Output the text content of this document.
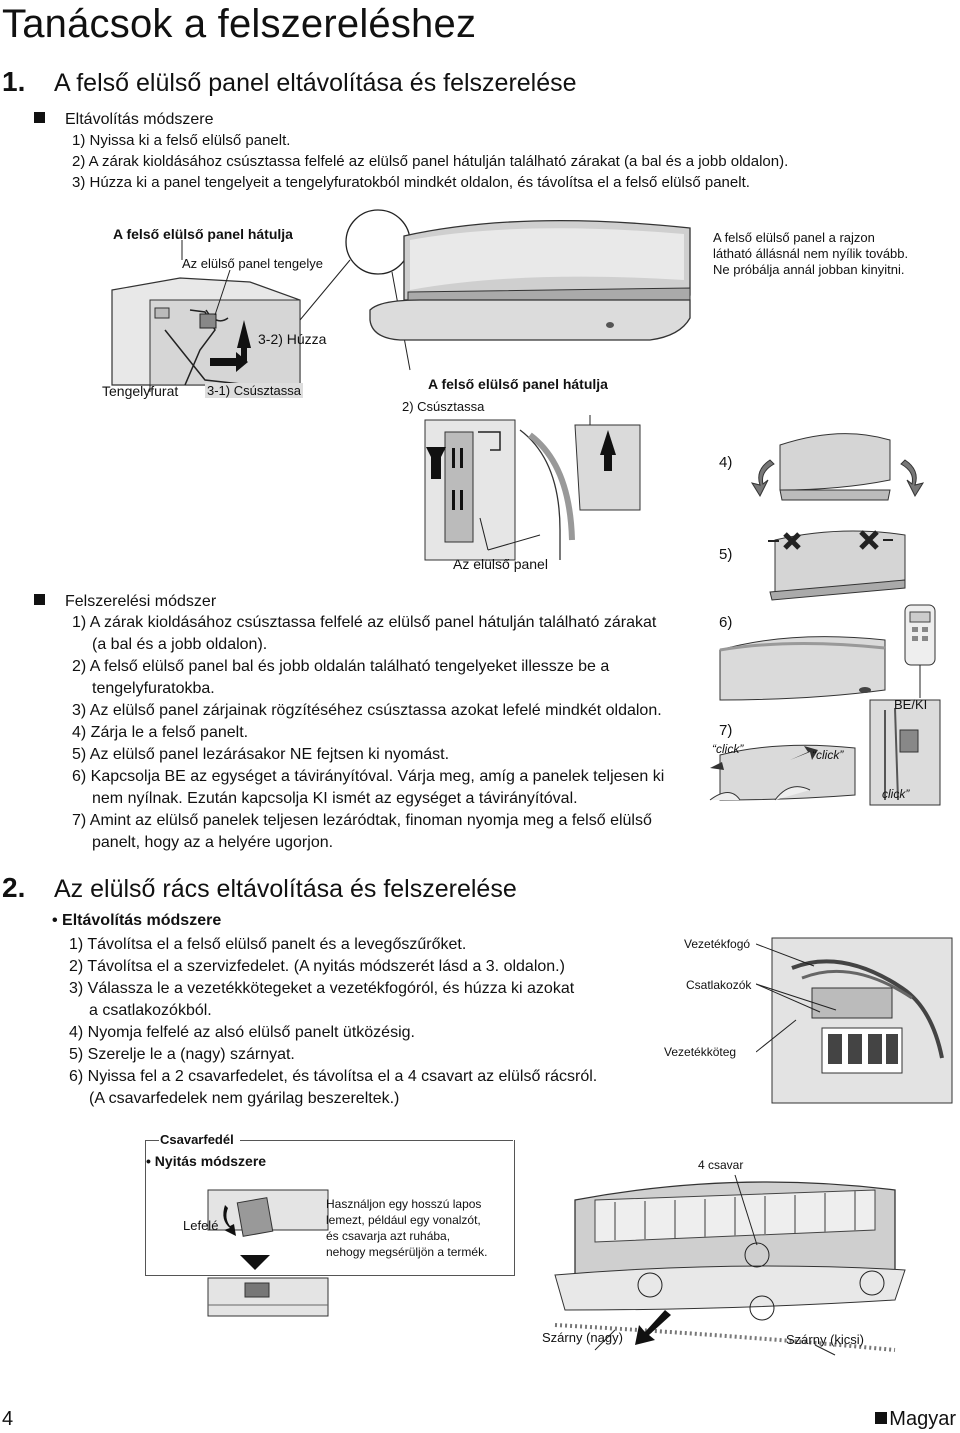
Tanácsok a felszereléshez
1. A felső elülső panel eltávolítása és felszerelése
Eltávolítás módszere
1) Nyissa ki a felső elülső panelt.
2) A zárak kioldásához csúsztassa felfelé az elülső panel hátulján található zárakat (a bal és a jobb oldalon).
3) Húzza ki a panel tengelyeit a tengelyfuratokból mindkét oldalon, és távolítsa el a felső elülső panelt.
A felső elülső panel hátulja
Az elülső panel tengelye
A felső elülső panel a rajzon
látható állásnál nem nyílik tovább.
Ne próbálja annál jobban kinyitni.
3-2) Húzza
Tengelyfurat 3-1) Csúsztassa	A felső elülső panel hátulja
2) Csúsztassa
Az elülső panel
4)
5)
Felszerelési módszer
1) A zárak kioldásához csúsztassa felfelé az elülső panel hátulján található zárakat
(a bal és a jobb oldalon).
2) A felső elülső panel bal és jobb oldalán található tengelyeket illessze be a
tengelyfuratokba.
3) Az elülső panel zárjainak rögzítéséhez csúsztassa azokat lefelé mindkét oldalon.
4) Zárja le a felső panelt.
5) Az elülső panel lezárásakor NE fejtsen ki nyomást.
6) Kapcsolja BE az egységet a távirányítóval. Várja meg, amíg a panelek teljesen ki
nem nyílnak. Ezután kapcsolja KI ismét az egységet a távirányítóval.
7) Amint az elülső panelek teljesen lezáródtak, finoman nyomja meg a felső elülső
panelt, hogy az a helyére ugorjon.
6)
BE/KI
7)
“click”	“click”
click”
2. Az elülső rács eltávolítása és felszerelése
• Eltávolítás módszere
1) Távolítsa el a felső elülső panelt és a levegőszűrőket.
2) Távolítsa el a szervizfedelet. (A nyitás módszerét lásd a 3. oldalon.)
3) Válassza le a vezetékkötegeket a vezetékfogóról, és húzza ki azokat
a csatlakozókból.
4) Nyomja felfelé az alsó elülső panelt ütközésig.
5) Szerelje le a (nagy) szárnyat.
6) Nyissa fel a 2 csavarfedelet, és távolítsa el a 4 csavart az elülső rácsról.
(A csavarfedelek nem gyárilag beszereltek.)
Vezetékfogó
Csatlakozók
Vezetékköteg
Csavarfedél
• Nyitás módszere
Lefelé
Használjon egy hosszú lapos
lemezt, például egy vonalzót,
és csavarja azt ruhába,
nehogy megsérüljön a termék.
4 csavar
Szárny (nagy)	Szárny (kicsi)
4	Magyar
